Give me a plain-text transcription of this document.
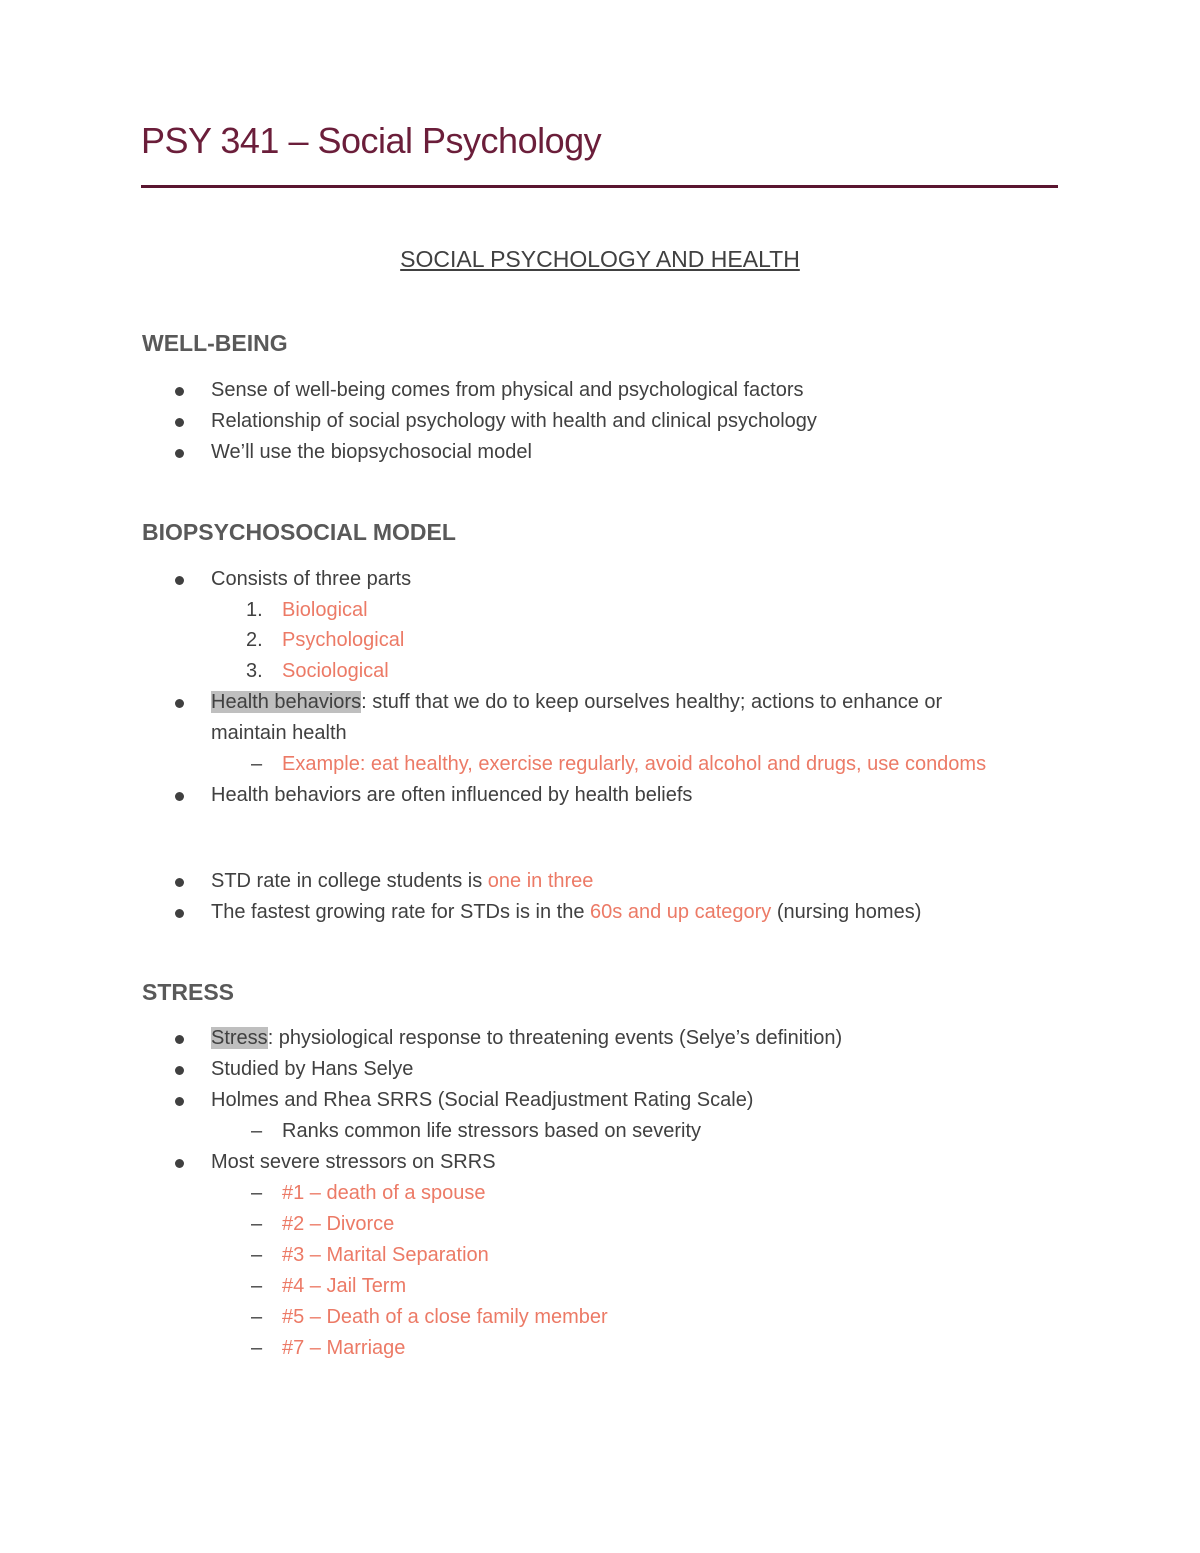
PSY 341 – Social Psychology
SOCIAL PSYCHOLOGY AND HEALTH
WELL-BEING
Sense of well-being comes from physical and psychological factors
Relationship of social psychology with health and clinical psychology
We’ll use the biopsychosocial model
BIOPSYCHOSOCIAL MODEL
Consists of three parts
1. Biological
2. Psychological
3. Sociological
Health behaviors: stuff that we do to keep ourselves healthy; actions to enhance or
maintain health
– Example: eat healthy, exercise regularly, avoid alcohol and drugs, use condoms
Health behaviors are often influenced by health beliefs
STD rate in college students is one in three
The fastest growing rate for STDs is in the 60s and up category (nursing homes)
STRESS
Stress: physiological response to threatening events (Selye’s definition)
Studied by Hans Selye
Holmes and Rhea SRRS (Social Readjustment Rating Scale)
– Ranks common life stressors based on severity
Most severe stressors on SRRS
– #1 – death of a spouse
– #2 – Divorce
– #3 – Marital Separation
– #4 – Jail Term
– #5 – Death of a close family member
– #7 – Marriage
